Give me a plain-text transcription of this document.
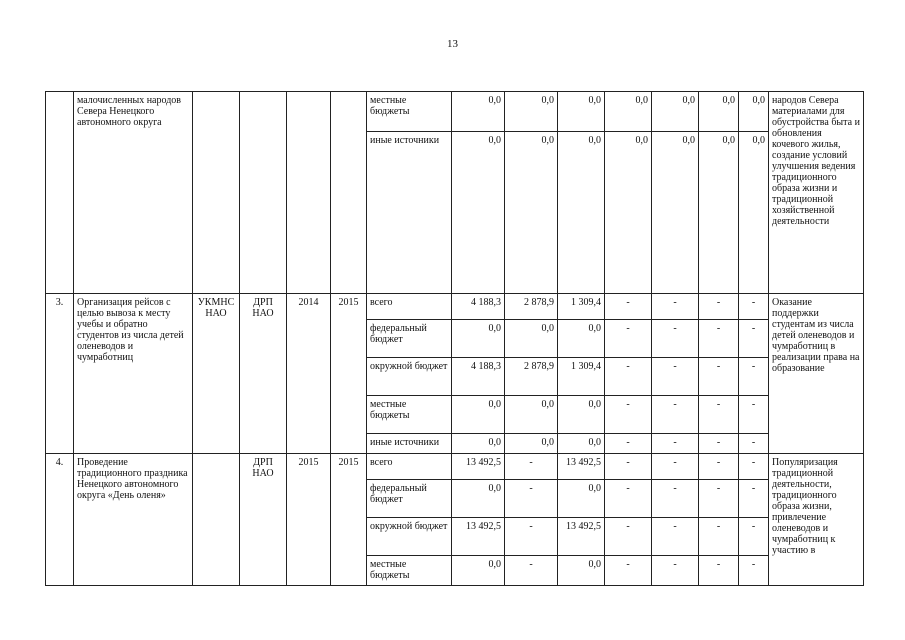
13
	малочисленных народов Севера Ненецкого автономного округа					местные бюджеты	0,0	0,0	0,0	0,0	0,0	0,0	0,0	народов Севера материалами для обустройства быта и обновления кочевого жилья, создание условий улучшения ведения традиционного образа жизни и традиционной хозяйственной деятельности
						иные источники	0,0	0,0	0,0	0,0	0,0	0,0	0,0	
3.	Организация рейсов с целью вывоза к месту учебы и обратно студентов из числа детей оленеводов и чумработниц	УКМНС НАО	ДРП НАО	2014	2015	всего	4 188,3	2 878,9	1 309,4	-	-	-	-	Оказание поддержки студентам из числа детей оленеводов и чумработниц в реализации права на образование
						федеральный бюджет	0,0	0,0	0,0	-	-	-	-	
						окружной бюджет	4 188,3	2 878,9	1 309,4	-	-	-	-	
						местные бюджеты	0,0	0,0	0,0	-	-	-	-	
						иные источники	0,0	0,0	0,0	-	-	-	-	
4.	Проведение традиционного праздника Ненецкого автономного округа «День оленя»		ДРП НАО	2015	2015	всего	13 492,5	-	13 492,5	-	-	-	-	Популяризация традиционной деятельности, традиционного образа жизни, привлечение оленеводов и чумработниц к участию в
						федеральный бюджет	0,0	-	0,0	-	-	-	-	
						окружной бюджет	13 492,5	-	13 492,5	-	-	-	-	
						местные бюджеты	0,0	-	0,0	-	-	-	-	
